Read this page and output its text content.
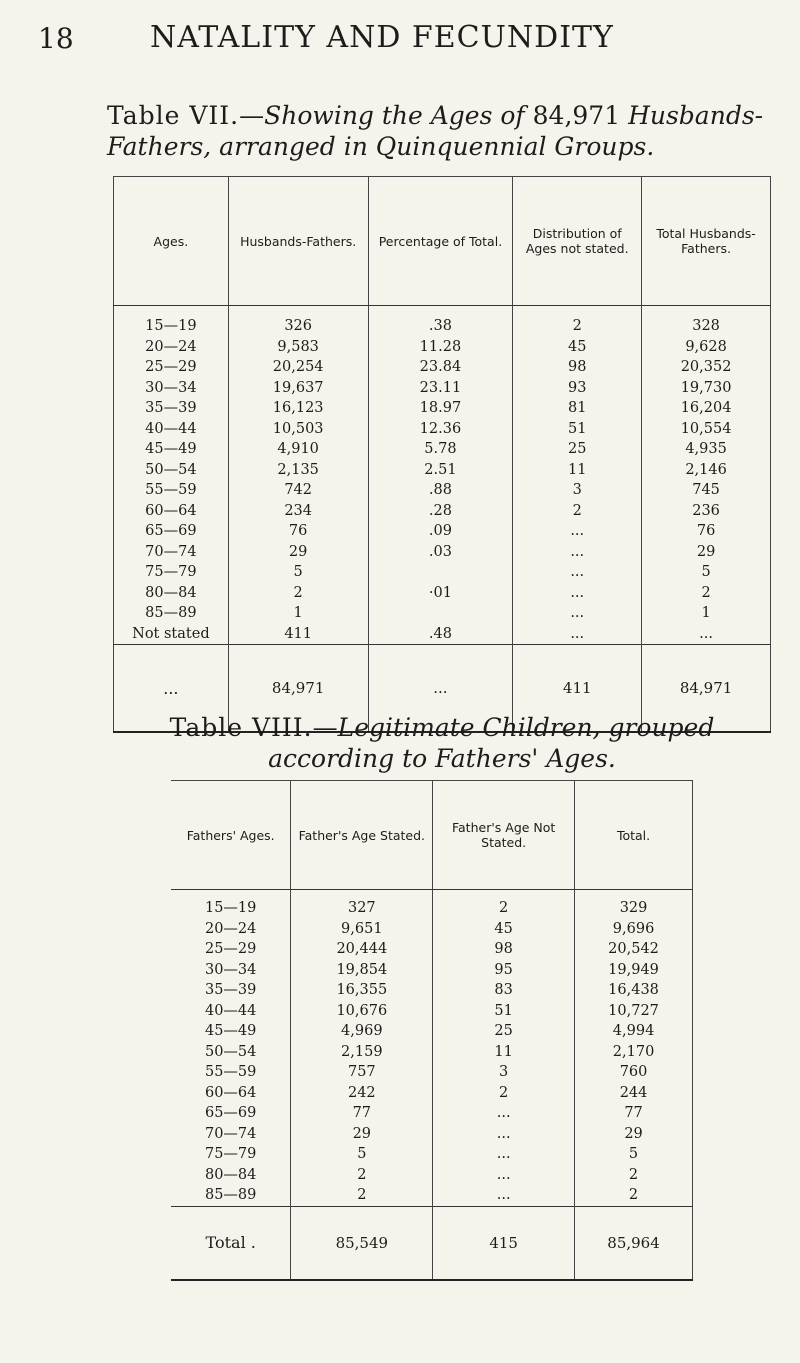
18	NATALITY AND FECUNDITY
Table VII.—Showing the Ages of 84,971 Husbands-Fathers, arranged in Quinquennial Groups.
Ages.	Husbands-Fathers.	Percentage of Total.	Distribution of Ages not stated.	Total Husbands-Fathers.
15—19	326	.38	2	328
20—24	9,583	11.28	45	9,628
25—29	20,254	23.84	98	20,352
30—34	19,637	23.11	93	19,730
35—39	16,123	18.97	81	16,204
40—44	10,503	12.36	51	10,554
45—49	4,910	5.78	25	4,935
50—54	2,135	2.51	11	2,146
55—59	742	.88	3	745
60—64	234	.28	2	236
65—69	76	.09	...	76
70—74	29	.03	...	29
75—79	5		...	5
80—84	2	·01	...	2
85—89	1		...	1
Not stated	411	.48	...	...
...	84,971	...	411	84,971
Table VIII.—Legitimate Children, grouped according to Fathers' Ages.
Fathers' Ages.	Father's Age Stated.	Father's Age Not Stated.	Total.
15—19	327	2	329
20—24	9,651	45	9,696
25—29	20,444	98	20,542
30—34	19,854	95	19,949
35—39	16,355	83	16,438
40—44	10,676	51	10,727
45—49	4,969	25	4,994
50—54	2,159	11	2,170
55—59	757	3	760
60—64	242	2	244
65—69	77	...	77
70—74	29	...	29
75—79	5	...	5
80—84	2	...	2
85—89	2	...	2
Total .	85,549	415	85,964
